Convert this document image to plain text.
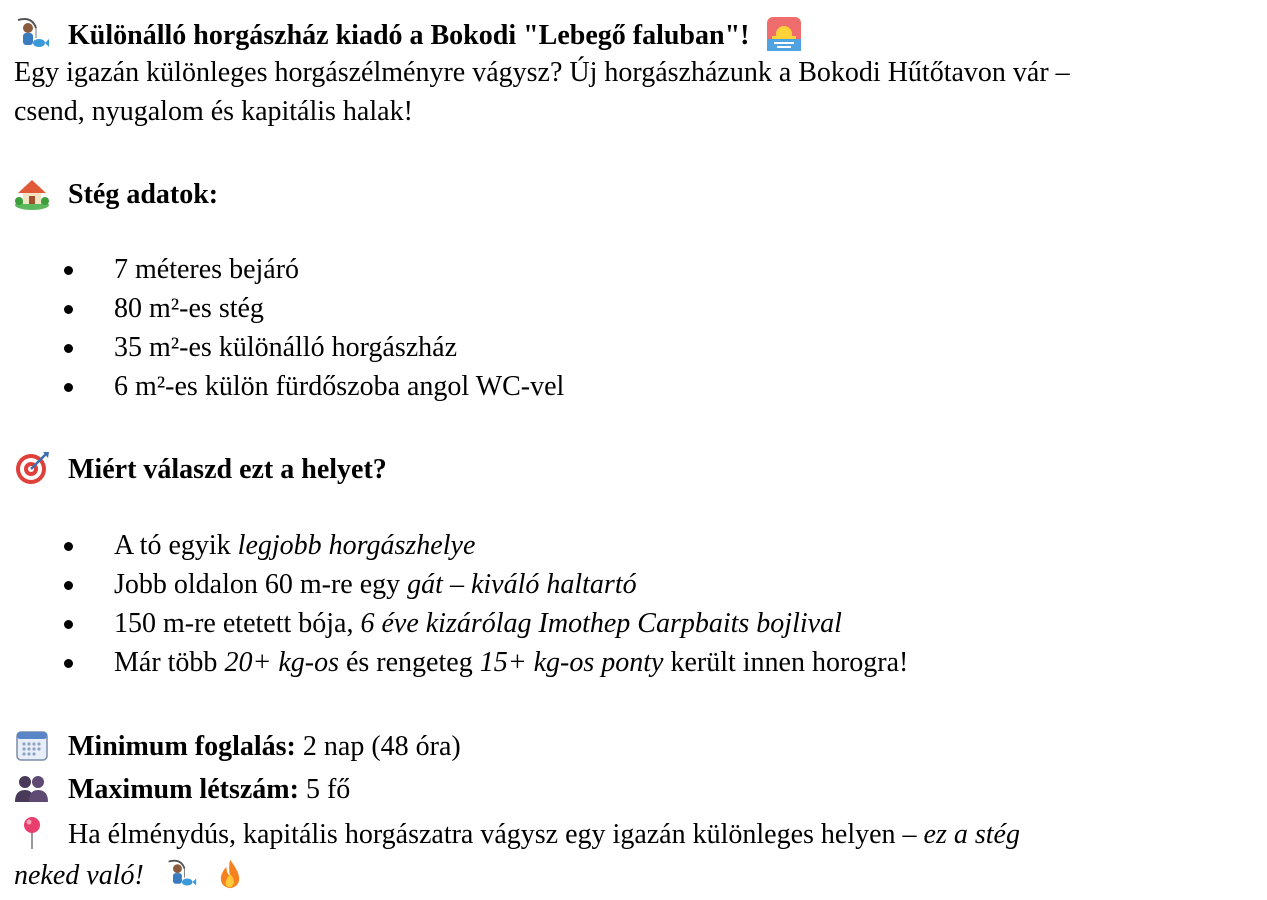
Különálló horgászház kiadó a Bokodi "Lebegő faluban"!
Egy igazán különleges horgászélményre vágysz? Új horgászházunk a Bokodi Hűtőtavon vár –
csend, nyugalom és kapitális halak!
Stég adatok:
7 méteres bejáró
80 m²-es stég
35 m²-es különálló horgászház
6 m²-es külön fürdőszoba angol WC-vel
Miért válaszd ezt a helyet?
A tó egyik legjobb horgászhelye
Jobb oldalon 60 m-re egy gát – kiváló haltartó
150 m-re etetett bója, 6 éve kizárólag Imothep Carpbaits bojlival
Már több 20+ kg-os és rengeteg 15+ kg-os ponty került innen horogra!
Minimum foglalás: 2 nap (48 óra)
Maximum létszám: 5 fő
Ha élménydús, kapitális horgászatra vágysz egy igazán különleges helyen – ez a stég
neked való!
